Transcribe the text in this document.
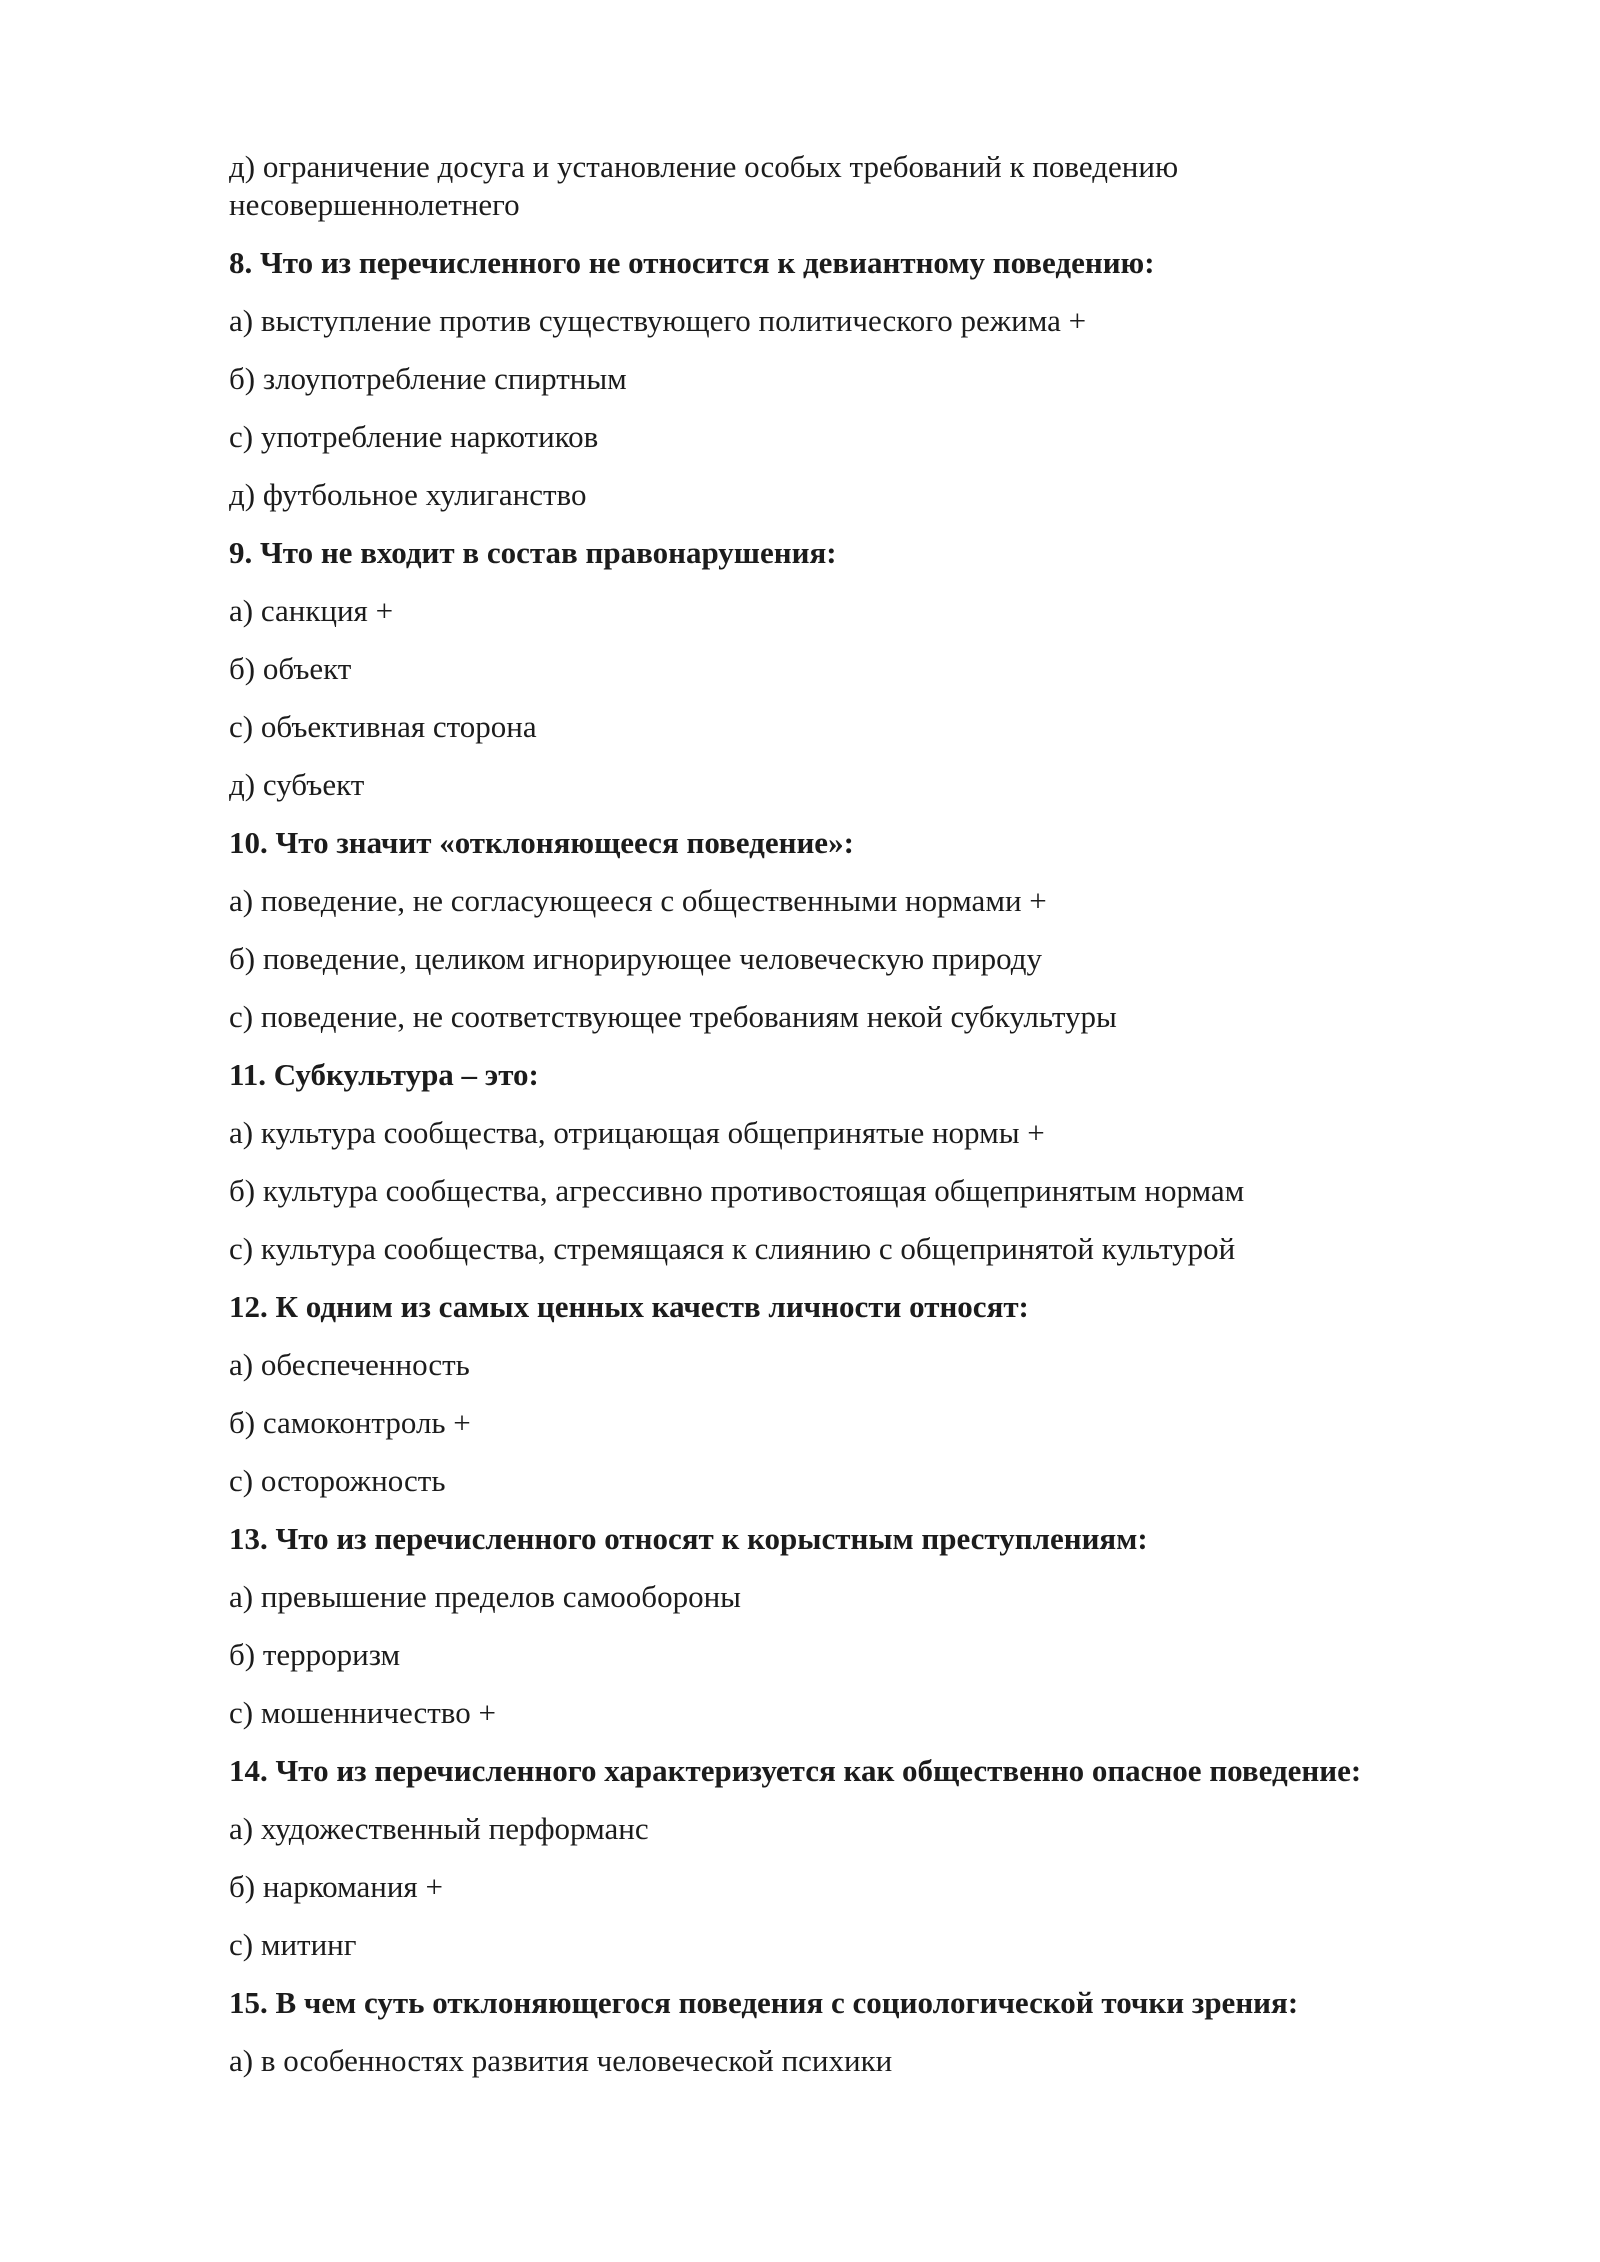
д) ограничение досуга и установление особых требований к поведению
несовершеннолетнего
8. Что из перечисленного не относится к девиантному поведению:
а) выступление против существующего политического режима +
б) злоупотребление спиртным
с) употребление наркотиков
д) футбольное хулиганство
9. Что не входит в состав правонарушения:
а) санкция +
б) объект
с) объективная сторона
д) субъект
10. Что значит «отклоняющееся поведение»:
а) поведение, не согласующееся с общественными нормами +
б) поведение, целиком игнорирующее человеческую природу
с) поведение, не соответствующее требованиям некой субкультуры
11. Субкультура – это:
а) культура сообщества, отрицающая общепринятые нормы +
б) культура сообщества, агрессивно противостоящая общепринятым нормам
с) культура сообщества, стремящаяся к слиянию с общепринятой культурой
12. К одним из самых ценных качеств личности относят:
а) обеспеченность
б) самоконтроль +
с) осторожность
13. Что из перечисленного относят к корыстным преступлениям:
а) превышение пределов самообороны
б) терроризм
с) мошенничество +
14. Что из перечисленного характеризуется как общественно опасное поведение:
а) художественный перформанс
б) наркомания +
с) митинг
15. В чем суть отклоняющегося поведения с социологической точки зрения:
а) в особенностях развития человеческой психики
